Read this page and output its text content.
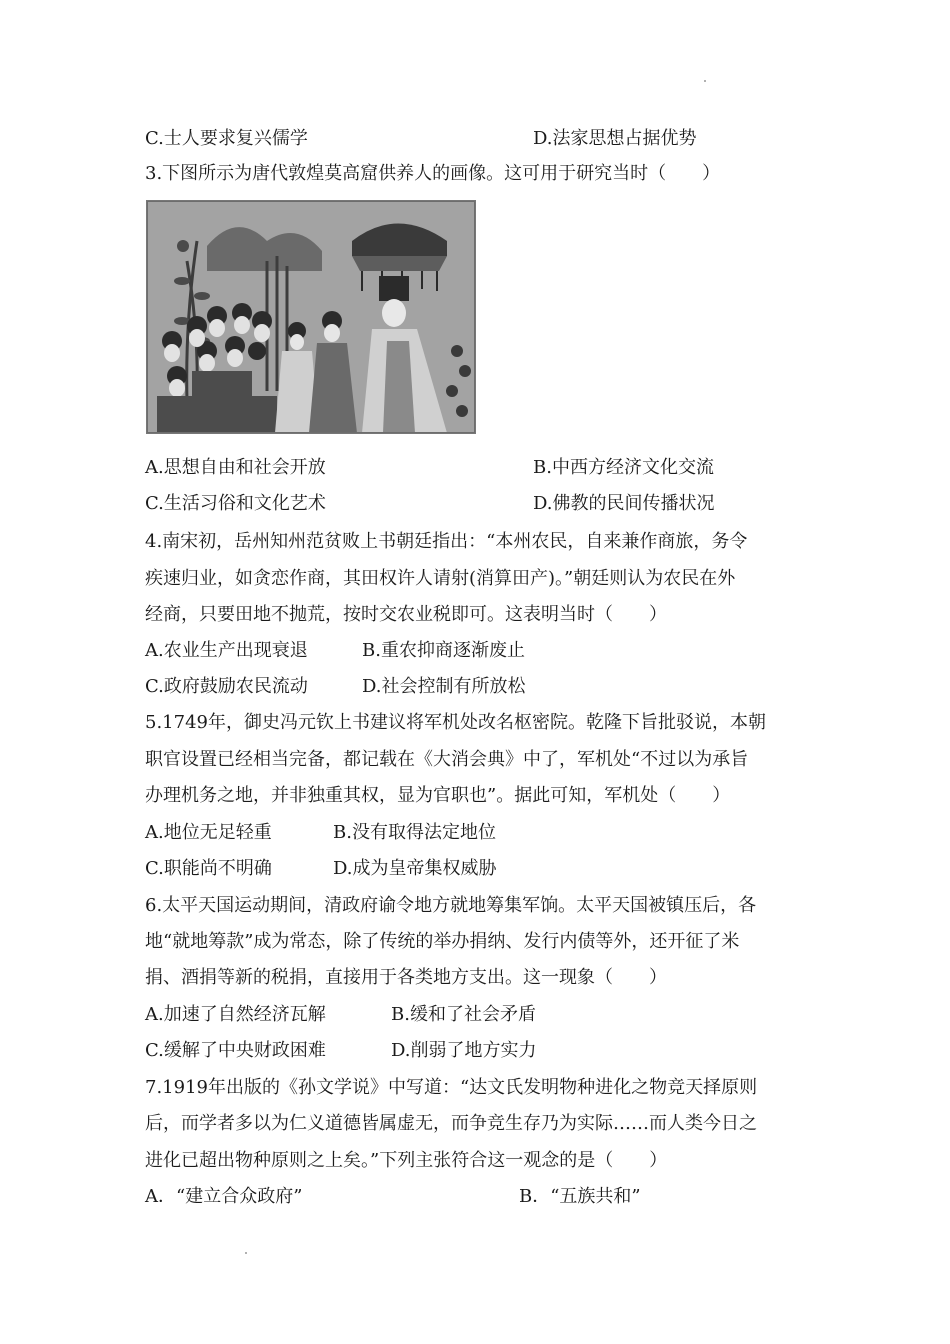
C.士人要求复兴儒学	D.法家思想占据优势
3.下图所示为唐代敦煌莫高窟供养人的画像。这可用于研究当时（　　）
A.思想自由和社会开放	B.中西方经济文化交流
C.生活习俗和文化艺术	D.佛教的民间传播状况
4.南宋初，岳州知州范贫败上书朝廷指出：“本州农民，自来兼作商旅，务令
疾速归业，如贪恋作商，其田权许人请射(消算田产)。”朝廷则认为农民在外
经商，只要田地不抛荒，按时交农业税即可。这表明当时（　　）
A.农业生产出现衰退	B.重农抑商逐渐废止
C.政府鼓励农民流动	D.社会控制有所放松
5.1749年，御史冯元钦上书建议将军机处改名枢密院。乾隆下旨批驳说，本朝
职官设置已经相当完备，都记载在《大消会典》中了，军机处“不过以为承旨
办理机务之地，并非独重其权，显为官职也”。据此可知，军机处（　　）
A.地位无足轻重	B.没有取得法定地位
C.职能尚不明确	D.成为皇帝集权威胁
6.太平天国运动期间，清政府谕令地方就地筹集军饷。太平天国被镇压后，各
地“就地筹款”成为常态，除了传统的举办捐纳、发行内债等外，还开征了米
捐、酒捐等新的税捐，直接用于各类地方支出。这一现象（　　）
A.加速了自然经济瓦解	B.缓和了社会矛盾
C.缓解了中央财政困难	D.削弱了地方实力
7.1919年出版的《孙文学说》中写道：“达文氏发明物种进化之物竞天择原则
后，而学者多以为仁义道德皆属虚无，而争竞生存乃为实际……而人类今日之
进化已超出物种原则之上矣。”下列主张符合这一观念的是（　　）
A．“建立合众政府”	B．“五族共和”
